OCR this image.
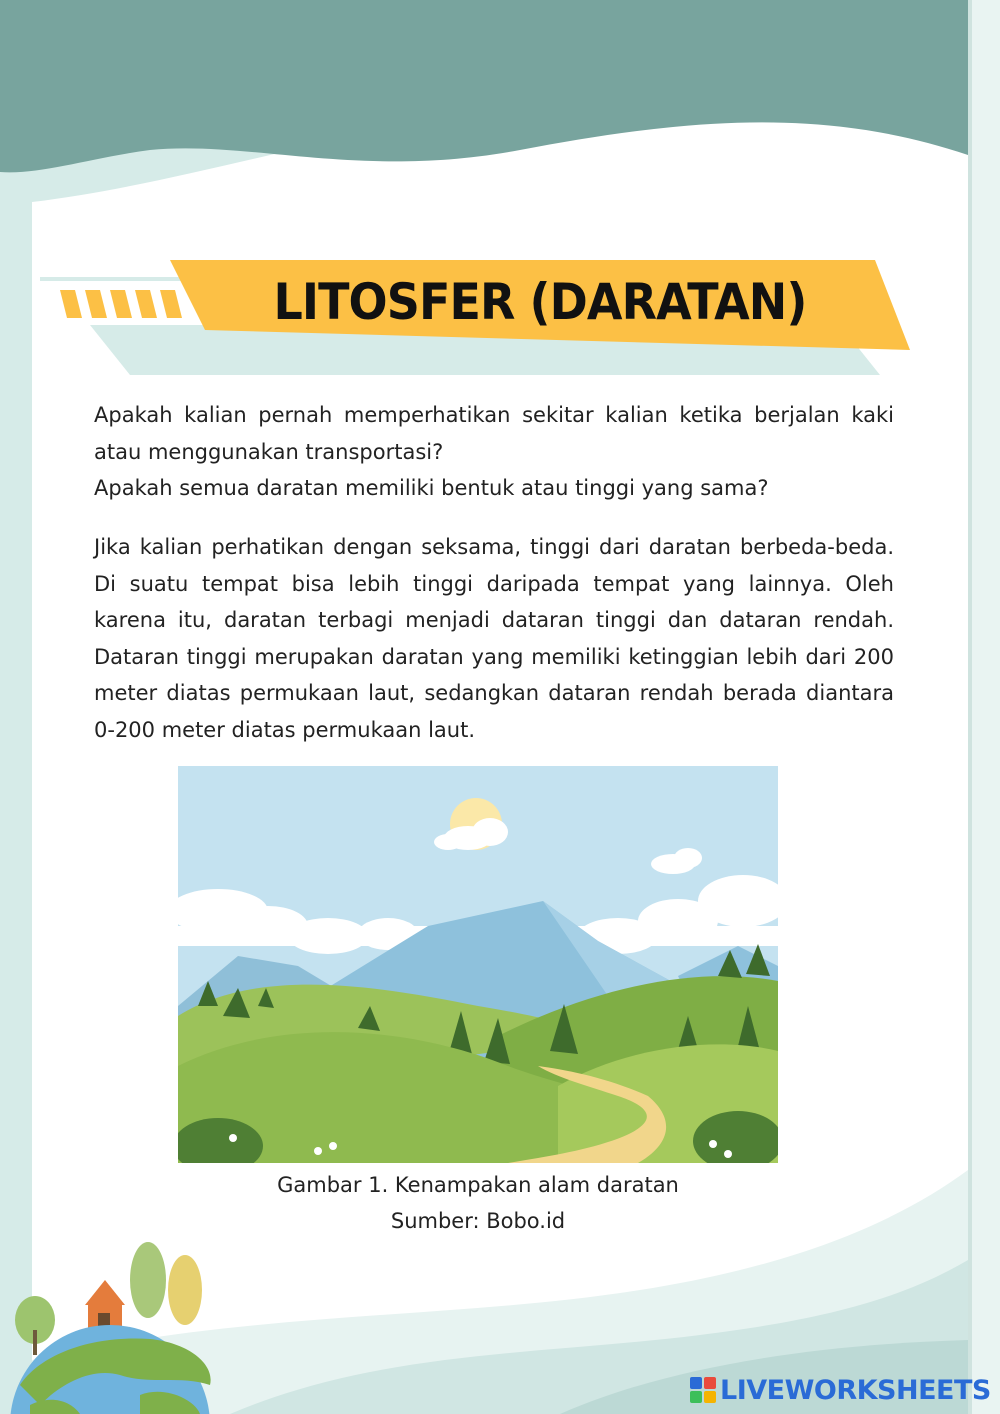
LITOSFER (DARATAN)
Apakah kalian pernah memperhatikan sekitar kalian ketika berjalan kaki atau menggunakan transportasi?
Apakah semua daratan memiliki bentuk atau tinggi yang sama?

Jika kalian perhatikan dengan seksama, tinggi dari daratan berbeda-beda. Di suatu tempat bisa lebih tinggi daripada tempat yang lainnya. Oleh karena itu, daratan terbagi menjadi dataran tinggi dan dataran rendah. Dataran tinggi merupakan daratan yang memiliki ketinggian lebih dari 200 meter diatas permukaan laut, sedangkan dataran rendah berada diantara 0-200 meter diatas permukaan laut.

Gambar 1. Kenampakan alam daratan
Sumber: Bobo.id
LIVEWORKSHEETS
